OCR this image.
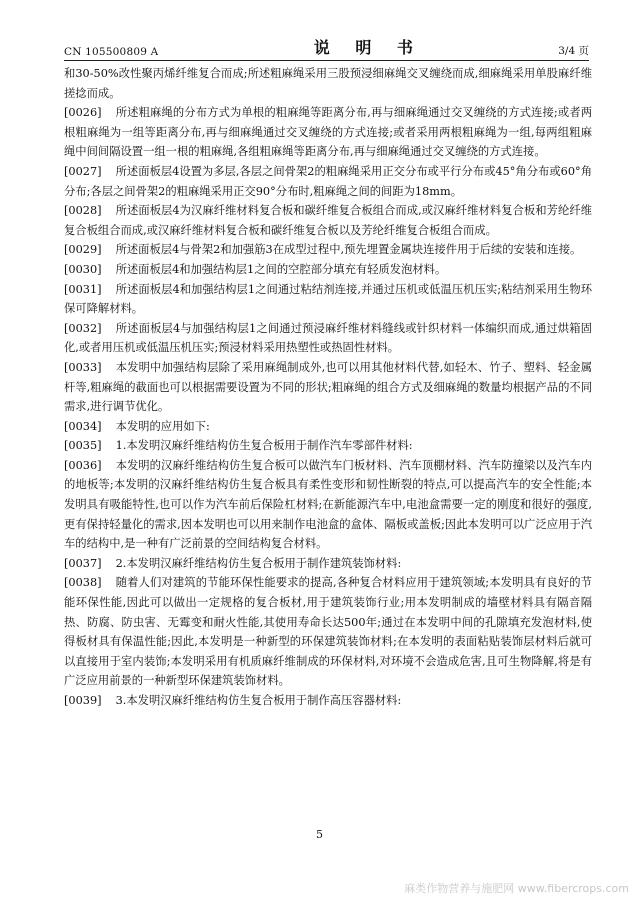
CN 105500809 A	说 明 书	3/4 页

和30-50%改性聚丙烯纤维复合而成;所述粗麻绳采用三股预浸细麻绳交叉缠绕而成,细麻绳采用单股麻纤维搓捻而成。

[0026] 所述粗麻绳的分布方式为单根的粗麻绳等距离分布,再与细麻绳通过交叉缠绕的方式连接;或者两根粗麻绳为一组等距离分布,再与细麻绳通过交叉缠绕的方式连接;或者采用两根粗麻绳为一组,每两组粗麻绳中间间隔设置一组一根的粗麻绳,各组粗麻绳等距离分布,再与细麻绳通过交叉缠绕的方式连接。

[0027] 所述面板层4设置为多层,各层之间骨架2的粗麻绳采用正交分布或平行分布或45°角分布或60°角分布;各层之间骨架2的粗麻绳采用正交90°分布时,粗麻绳之间的间距为18mm。

[0028] 所述面板层4为汉麻纤维材料复合板和碳纤维复合板组合而成,或汉麻纤维材料复合板和芳纶纤维复合板组合而成,或汉麻纤维材料复合板和碳纤维复合板以及芳纶纤维复合板组合而成。

[0029] 所述面板层4与骨架2和加强筋3在成型过程中,预先埋置金属块连接件用于后续的安装和连接。

[0030] 所述面板层4和加强结构层1之间的空腔部分填充有轻质发泡材料。

[0031] 所述面板层4和加强结构层1之间通过粘结剂连接,并通过压机或低温压机压实;粘结剂采用生物环保可降解材料。

[0032] 所述面板层4与加强结构层1之间通过预浸麻纤维材料缝线或针织材料一体编织而成,通过烘箱固化,或者用压机或低温压机压实;预浸材料采用热塑性或热固性材料。

[0033] 本发明中加强结构层除了采用麻绳制成外,也可以用其他材料代替,如轻木、竹子、塑料、轻金属杆等,粗麻绳的截面也可以根据需要设置为不同的形状;粗麻绳的组合方式及细麻绳的数量均根据产品的不同需求,进行调节优化。

[0034] 本发明的应用如下:

[0035] 1.本发明汉麻纤维结构仿生复合板用于制作汽车零部件材料:

[0036] 本发明的汉麻纤维结构仿生复合板可以做汽车门板材料、汽车顶棚材料、汽车防撞梁以及汽车内的地板等;本发明的汉麻纤维结构仿生复合板具有柔性变形和韧性断裂的特点,可以提高汽车的安全性能;本发明具有吸能特性,也可以作为汽车前后保险杠材料;在新能源汽车中,电池盒需要一定的刚度和很好的强度,更有保持轻量化的需求,因本发明也可以用来制作电池盒的盒体、隔板或盖板;因此本发明可以广泛应用于汽车的结构中,是一种有广泛前景的空间结构复合材料。

[0037] 2.本发明汉麻纤维结构仿生复合板用于制作建筑装饰材料:

[0038] 随着人们对建筑的节能环保性能要求的提高,各种复合材料应用于建筑领域;本发明具有良好的节能环保性能,因此可以做出一定规格的复合板材,用于建筑装饰行业;用本发明制成的墙壁材料具有隔音隔热、防腐、防虫害、无霉变和耐火性能,其使用寿命长达500年;通过在本发明中间的孔隙填充发泡材料,使得板材具有保温性能;因此,本发明是一种新型的环保建筑装饰材料;在本发明的表面粘贴装饰层材料后就可以直接用于室内装饰;本发明采用有机质麻纤维制成的环保材料,对环境不会造成危害,且可生物降解,将是有广泛应用前景的一种新型环保建筑装饰材料。

[0039] 3.本发明汉麻纤维结构仿生复合板用于制作高压容器材料:

5
麻类作物营养与施肥网 www.fibercrops.com
